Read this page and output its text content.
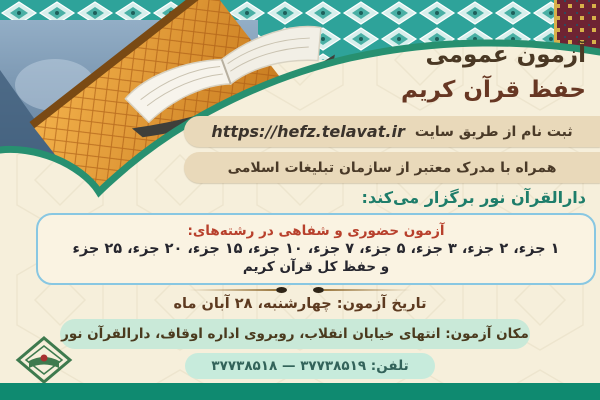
آزمون عمومی
حفظ قرآن کریم
ثبت نام از طریق سایت
https://hefz.telavat.ir
همراه با مدرک معتبر از سازمان تبلیغات اسلامی
دارالقرآن نور برگزار می‌کند:
آزمون حضوری و شفاهی در رشته‌های:
۱ جزء، ۲ جزء، ۳ جزء، ۵ جزء، ۷ جزء، ۱۰ جزء، ۱۵ جزء، ۲۰ جزء، ۲۵ جزء
و حفظ کل قرآن کریم
تاریخ آزمون: چهارشنبه، ۲۸ آبان ماه
مکان آزمون: انتهای خیابان انقلاب، روبروی اداره اوقاف، دارالقرآن نور
تلفن: ۳۷۷۳۸۵۱۹ — ۳۷۷۳۸۵۱۸
